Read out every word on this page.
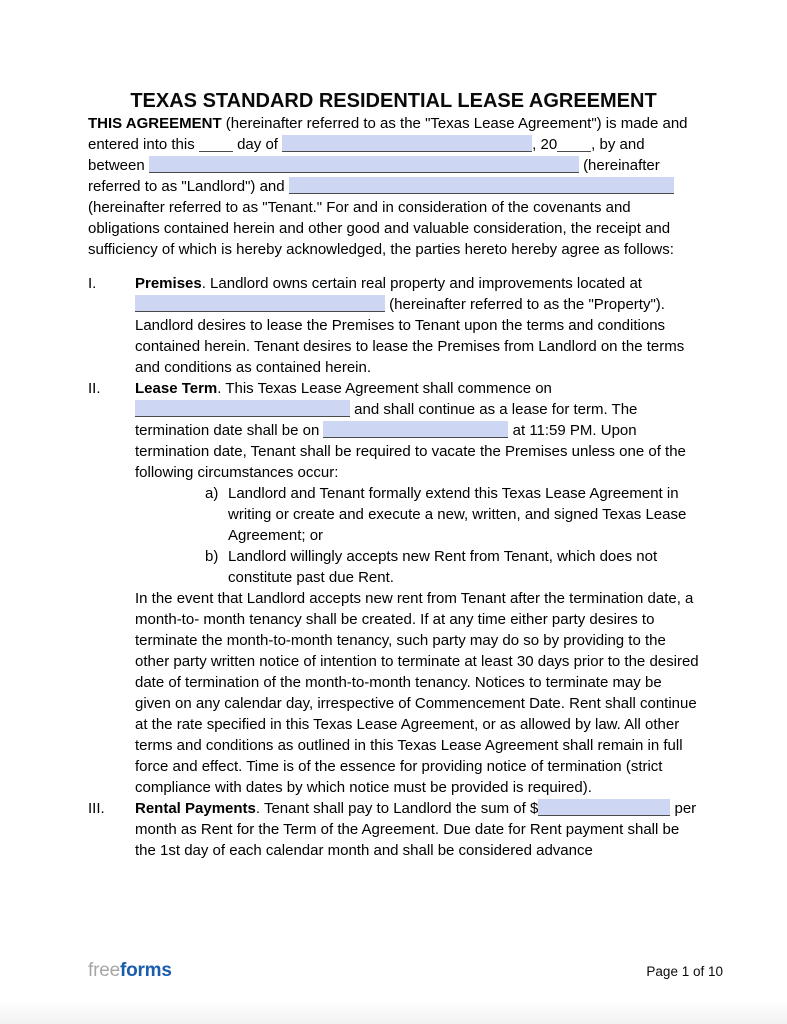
TEXAS STANDARD RESIDENTIAL LEASE AGREEMENT

THIS AGREEMENT (hereinafter referred to as the "Texas Lease Agreement") is made and entered into this	day of	, 20 , by and between	(hereinafter referred to as "Landlord") and  (hereinafter referred to as "Tenant." For and in consideration of the covenants and obligations contained herein and other good and valuable consideration, the receipt and sufficiency of which is hereby acknowledged, the parties hereto hereby agree as follows:

I.	Premises. Landlord owns certain real property and improvements located at  (hereinafter referred to as the "Property"). Landlord desires to lease the Premises to Tenant upon the terms and conditions contained herein. Tenant desires to lease the Premises from Landlord on the terms and conditions as contained herein.

II.	Lease Term. This Texas Lease Agreement shall commence on  and shall continue as a lease for term. The termination date shall be on	at 11:59 PM. Upon termination date, Tenant shall be required to vacate the Premises unless one of the following circumstances occur:

a) Landlord and Tenant formally extend this Texas Lease Agreement in writing or create and execute a new, written, and signed Texas Lease Agreement; or
b) Landlord willingly accepts new Rent from Tenant, which does not constitute past due Rent.

In the event that Landlord accepts new rent from Tenant after the termination date, a month-to- month tenancy shall be created. If at any time either party desires to terminate the month-to-month tenancy, such party may do so by providing to the other party written notice of intention to terminate at least 30 days prior to the desired date of termination of the month-to-month tenancy. Notices to terminate may be given on any calendar day, irrespective of Commencement Date. Rent shall continue at the rate specified in this Texas Lease Agreement, or as allowed by law. All other terms and conditions as outlined in this Texas Lease Agreement shall remain in full force and effect. Time is of the essence for providing notice of termination (strict compliance with dates by which notice must be provided is required).

III.	Rental Payments. Tenant shall pay to Landlord the sum of $	per month as Rent for the Term of the Agreement. Due date for Rent payment shall be the 1st day of each calendar month and shall be considered advance

freeforms	Page 1 of 10
